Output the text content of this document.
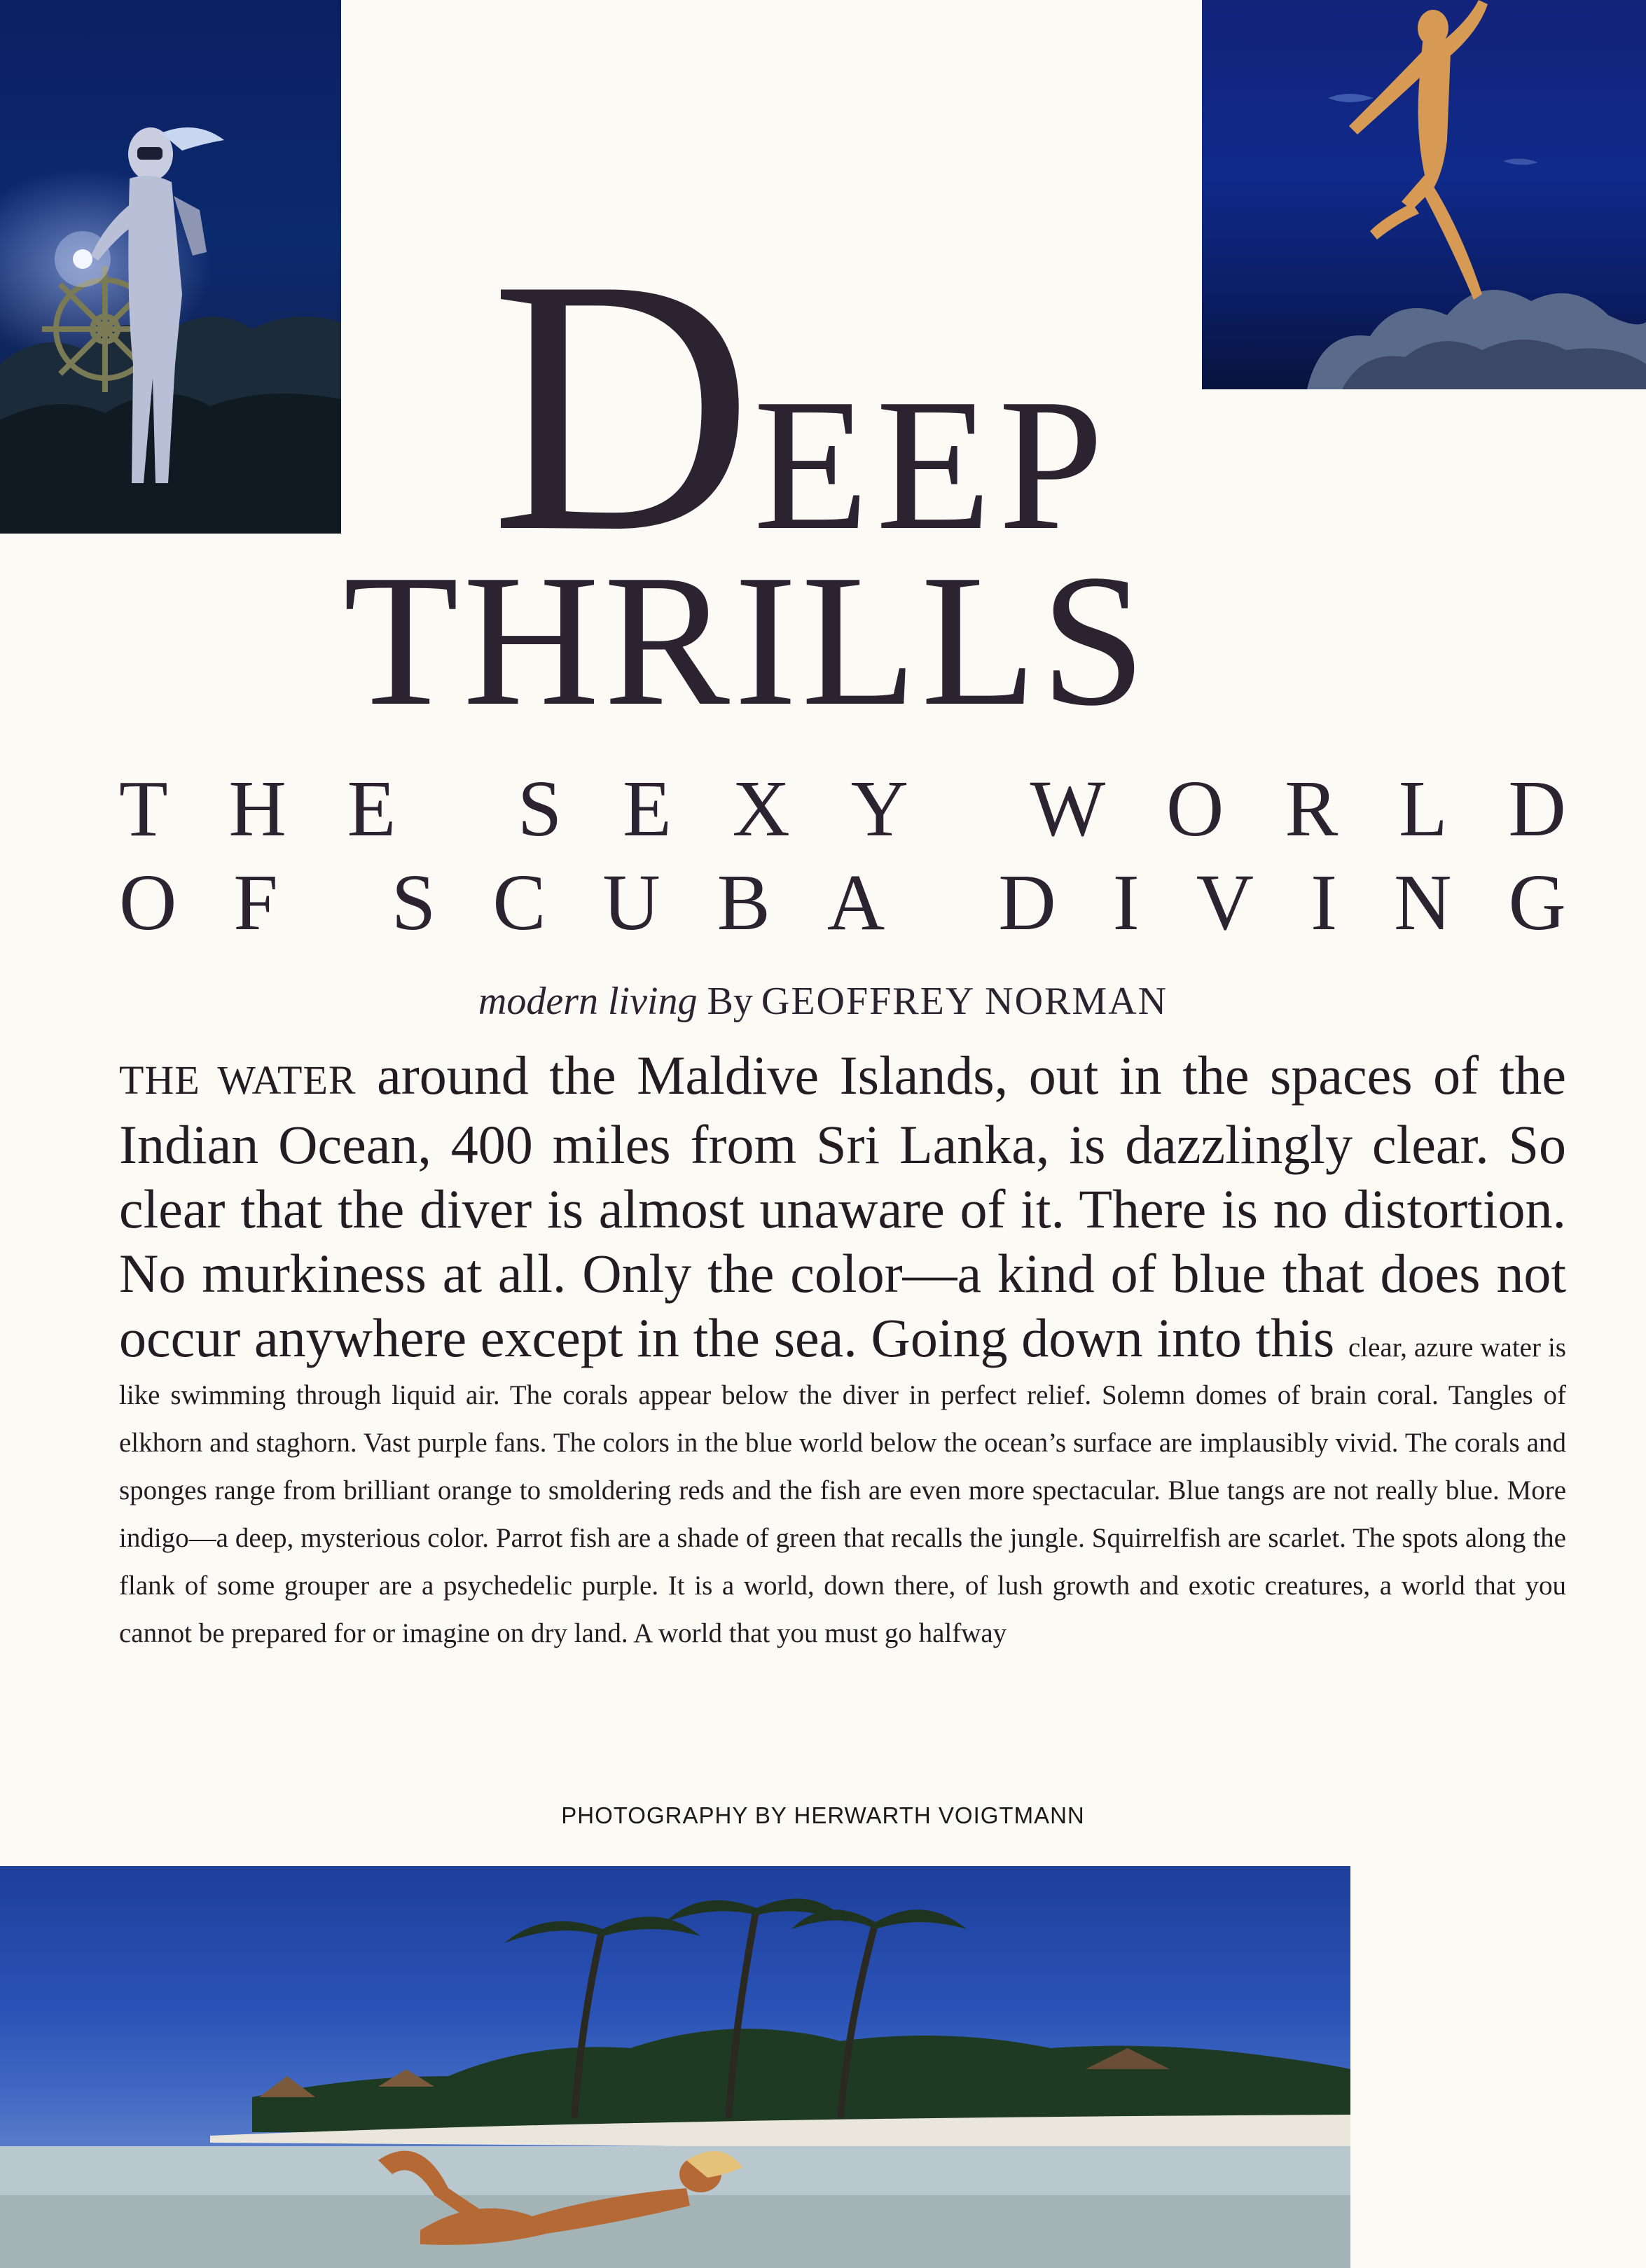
DEEP
THRILLS
T H E S E X Y W O R L D
O F S C U B A D I V I N G
modern living By GEOFFREY NORMAN

THE WATER around the Maldive Islands, out in the spaces of the Indian Ocean, 400 miles from Sri Lanka, is dazzlingly clear. So clear that the diver is almost unaware of it. There is no distortion. No murkiness at all. Only the color—a kind of blue that does not occur anywhere except in the sea. Going down into this clear, azure water is like swimming through liquid air. The corals appear below the diver in perfect relief. Solemn domes of brain coral. Tangles of elkhorn and staghorn. Vast purple fans. The colors in the blue world below the ocean’s surface are implausibly vivid. The corals and sponges range from brilliant orange to smoldering reds and the fish are even more spectacular. Blue tangs are not really blue. More indigo—a deep, mysterious color. Parrot fish are a shade of green that recalls the jungle. Squirrelfish are scarlet. The spots along the flank of some grouper are a psychedelic purple. It is a world, down there, of lush growth and exotic creatures, a world that you cannot be prepared for or imagine on dry land. A world that you must go halfway

PHOTOGRAPHY BY HERWARTH VOIGTMANN
